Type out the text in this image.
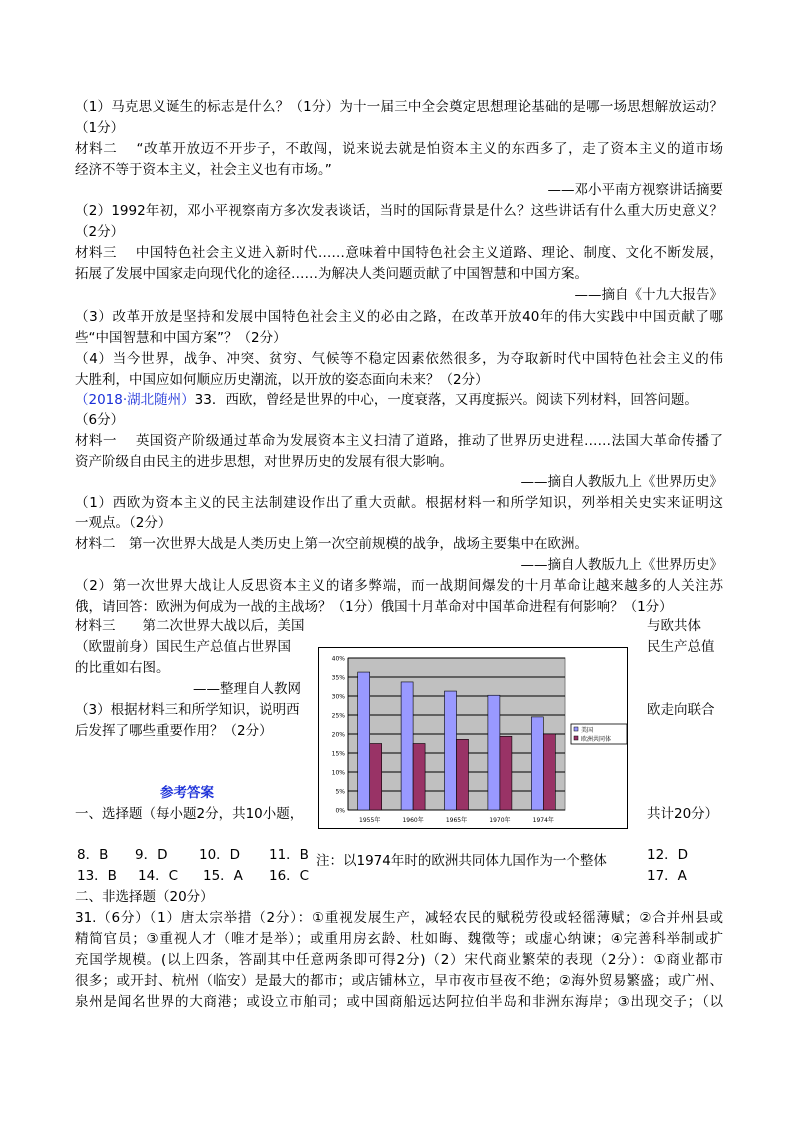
（1）马克思义诞生的标志是什么？（1分）为十一届三中全会奠定思想理论基础的是哪一场思想解放运动？
（1分）
材料二　 “改革开放迈不开步子，不敢闯，说来说去就是怕资本主义的东西多了，走了资本主义的道市场
经济不等于资本主义，社会主义也有市场。”
——邓小平南方视察讲话摘要
（2）1992年初，邓小平视察南方多次发表谈话，当时的国际背景是什么？这些讲话有什么重大历史意义？
（2分）
材料三　 中国特色社会主义进入新时代……意味着中国特色社会主义道路、理论、制度、文化不断发展，
拓展了发展中国家走向现代化的途径……为解决人类问题贡献了中国智慧和中国方案。
——摘自《十九大报告》
（3）改革开放是坚持和发展中国特色社会主义的必由之路，在改革开放40年的伟大实践中中国贡献了哪
些“中国智慧和中国方案”？（2分）
（4）当今世界，战争、冲突、贫穷、气候等不稳定因素依然很多，为夺取新时代中国特色社会主义的伟
大胜利，中国应如何顺应历史潮流，以开放的姿态面向未来？（2分）
（2018·湖北随州）33．西欧，曾经是世界的中心，一度衰落，又再度振兴。阅读下列材料，回答问题。
（6分）
材料一　 英国资产阶级通过革命为发展资本主义扫清了道路，推动了世界历史进程……法国大革命传播了
资产阶级自由民主的进步思想，对世界历史的发展有很大影响。
——摘自人教版九上《世界历史》
（1）西欧为资本主义的民主法制建设作出了重大贡献。根据材料一和所学知识，列举相关史实来证明这
一观点。（2分）
材料二　第一次世界大战是人类历史上第一次空前规模的战争，战场主要集中在欧洲。
——摘自人教版九上《世界历史》
（2）第一次世界大战让人反思资本主义的诸多弊端，而一战期间爆发的十月革命让越来越多的人关注苏
俄，请回答：欧洲为何成为一战的主战场？（1分）俄国十月革命对中国革命进程有何影响？（1分）
材料三　　第二次世界大战以后，美国	与欧共体
（欧盟前身）国民生产总值占世界国	民生产总值
的比重如右图。
——整理自人教网
（3）根据材料三和所学知识，说明西	欧走向联合
后发挥了哪些重要作用？（2分）
参考答案
一、选择题（每小题2分，共10小题，	共计20分）
8．B 9．D 10．D 11．B	12．D
13．B 14．C 15．A 16．C	17．A
二、非选择题（20分）
31.（6分）（1）唐太宗举措（2分）：①重视发展生产，减轻农民的赋税劳役或轻徭薄赋；②合并州县或
精简官员；③重视人才（唯才是举）；或重用房玄龄、杜如晦、魏徵等；或虚心纳谏；④完善科举制或扩
充国学规模。(以上四条，答副其中任意两条即可得2分)（2）宋代商业繁荣的表现（2分）：①商业都市
很多；或开封、杭州（临安）是最大的都市；或店铺林立，早市夜市昼夜不绝；②海外贸易繁盛；或广州、
泉州是闻名世界的大商港；或设立市舶司；或中国商船远达阿拉伯半岛和非洲东海岸；③出现交子；（以
0%
5%
10%
15%
20%
25%
30%
35%
40%
1955年	1960年	1965年	1970年	1974年
美国
欧洲共同体
注：以1974年时的欧洲共同体九国作为一个整体
